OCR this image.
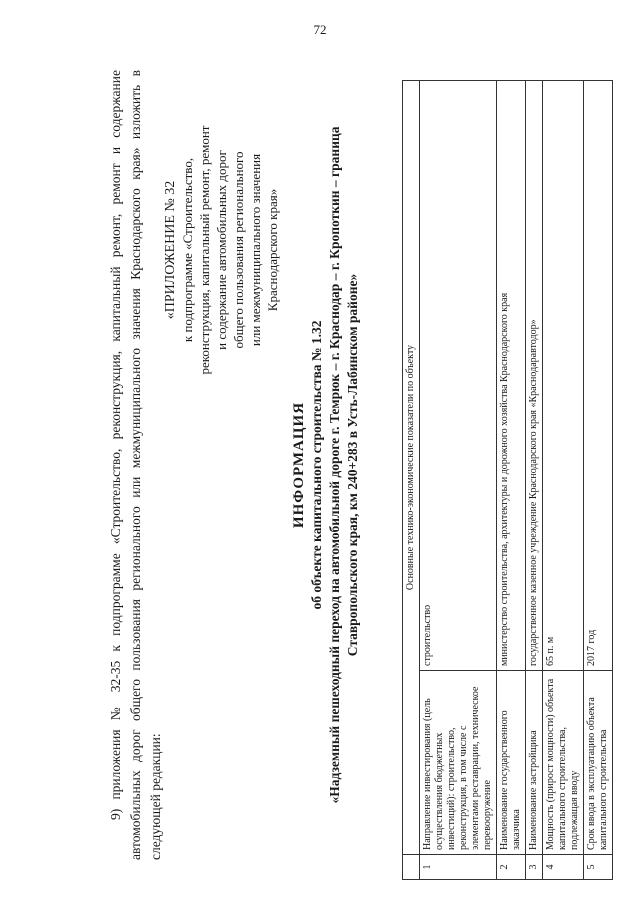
72

9) приложения № 32-35 к подпрограмме «Строительство, реконструкция, капитальный ремонт, ремонт и содержание автомобильных дорог общего пользования регионального или межмуниципального значения Краснодарского края» изложить в следующей редакции:

«ПРИЛОЖЕНИЕ № 32 к подпрограмме «Строительство, реконструкция, капитальный ремонт, ремонт и содержание автомобильных дорог общего пользования регионального или межмуниципального значения Краснодарского края»
ИНФОРМАЦИЯ об объекте капитального строительства № 1.32 «Надземный пешеходный переход на автомобильной дороге г. Темрюк – г. Краснодар – г. Кропоткин – граница Ставропольского края, км 240+283 в Усть-Лабинском районе»
		Основные технико-экономические показатели по объекту	
1	Направление инвестирования (цель осуществления бюджетных инвестиций): строительство, реконструкция, в том числе с элементами реставрации, техническое перевооружение	строительство
2	Наименование государственного заказчика	министерство строительства, архитектуры и дорожного хозяйства Краснодарского края
3	Наименование застройщика	государственное казенное учреждение Краснодарского края «Краснодаравтодор»
4	Мощность (прирост мощности) объекта капитального строительства, подлежащая вводу	65 п. м
5	Срок ввода в эксплуатацию объекта капитального строительства	2017 год
